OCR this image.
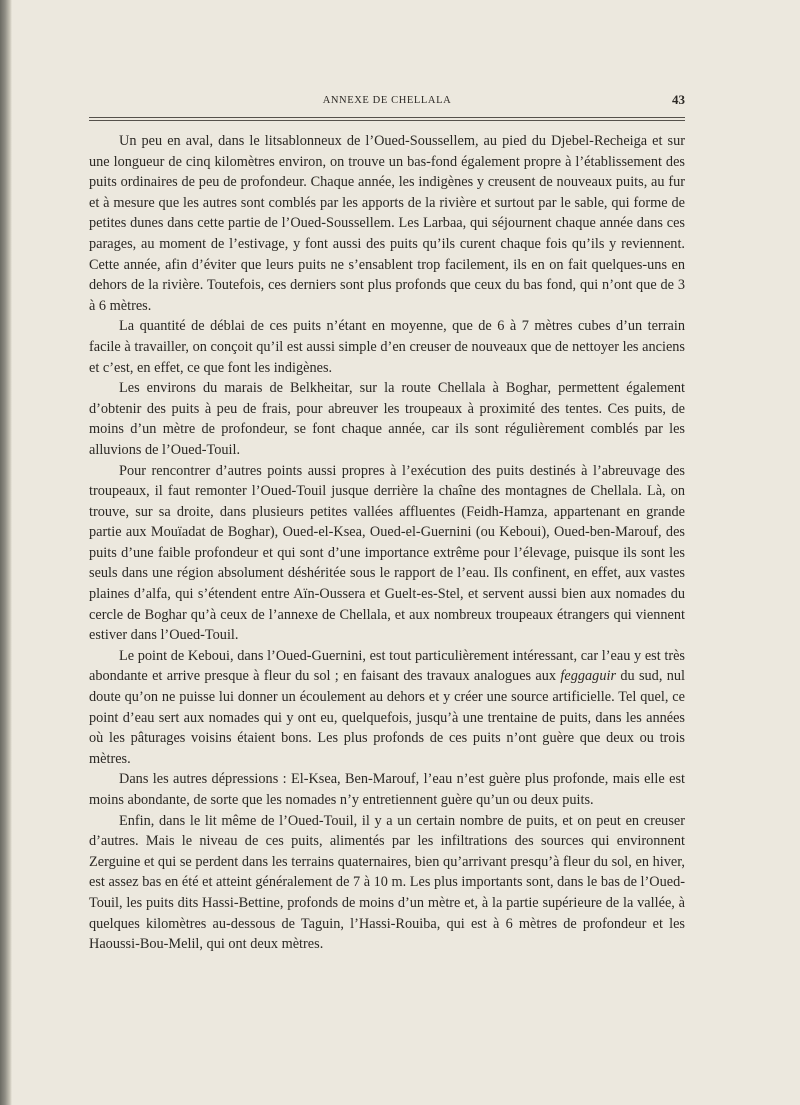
ANNEXE DE CHELLALA	43

Un peu en aval, dans le litsablonneux de l’Oued-Soussellem, au pied du Djebel-Recheiga et sur une longueur de cinq kilomètres environ, on trouve un bas-fond également propre à l’établissement des puits ordinaires de peu de profondeur. Chaque année, les indigènes y creusent de nouveaux puits, au fur et à mesure que les autres sont comblés par les apports de la rivière et surtout par le sable, qui forme de petites dunes dans cette partie de l’Oued-Soussellem. Les Larbaa, qui séjournent chaque année dans ces parages, au moment de l’estivage, y font aussi des puits qu’ils curent chaque fois qu’ils y reviennent. Cette année, afin d’éviter que leurs puits ne s’ensablent trop facilement, ils en on fait quelques-uns en dehors de la rivière. Toutefois, ces derniers sont plus profonds que ceux du bas fond, qui n’ont que de 3 à 6 mètres.

La quantité de déblai de ces puits n’étant en moyenne, que de 6 à 7 mètres cubes d’un terrain facile à travailler, on conçoit qu’il est aussi simple d’en creuser de nouveaux que de nettoyer les anciens et c’est, en effet, ce que font les indigènes.

Les environs du marais de Belkheitar, sur la route Chellala à Boghar, permettent également d’obtenir des puits à peu de frais, pour abreuver les troupeaux à proximité des tentes. Ces puits, de moins d’un mètre de profondeur, se font chaque année, car ils sont régulièrement comblés par les alluvions de l’Oued-Touil.

Pour rencontrer d’autres points aussi propres à l’exécution des puits destinés à l’abreuvage des troupeaux, il faut remonter l’Oued-Touil jusque derrière la chaîne des montagnes de Chellala. Là, on trouve, sur sa droite, dans plusieurs petites vallées affluentes (Feidh-Hamza, appartenant en grande partie aux Mouïadat de Boghar), Oued-el-Ksea, Oued-el-Guernini (ou Keboui), Oued-ben-Marouf, des puits d’une faible profondeur et qui sont d’une importance extrême pour l’élevage, puisque ils sont les seuls dans une région absolument déshéritée sous le rapport de l’eau. Ils confinent, en effet, aux vastes plaines d’alfa, qui s’étendent entre Aïn-Oussera et Guelt-es-Stel, et servent aussi bien aux nomades du cercle de Boghar qu’à ceux de l’annexe de Chellala, et aux nombreux troupeaux étrangers qui viennent estiver dans l’Oued-Touil.

Le point de Keboui, dans l’Oued-Guernini, est tout particulièrement intéressant, car l’eau y est très abondante et arrive presque à fleur du sol ; en faisant des travaux analogues aux feggaguir du sud, nul doute qu’on ne puisse lui donner un écoulement au dehors et y créer une source artificielle. Tel quel, ce point d’eau sert aux nomades qui y ont eu, quelquefois, jusqu’à une trentaine de puits, dans les années où les pâturages voisins étaient bons. Les plus profonds de ces puits n’ont guère que deux ou trois mètres.

Dans les autres dépressions : El-Ksea, Ben-Marouf, l’eau n’est guère plus profonde, mais elle est moins abondante, de sorte que les nomades n’y entretiennent guère qu’un ou deux puits.

Enfin, dans le lit même de l’Oued-Touil, il y a un certain nombre de puits, et on peut en creuser d’autres. Mais le niveau de ces puits, alimentés par les infiltrations des sources qui environnent Zerguine et qui se perdent dans les terrains quaternaires, bien qu’arrivant presqu’à fleur du sol, en hiver, est assez bas en été et atteint généralement de 7 à 10 m. Les plus importants sont, dans le bas de l’Oued-Touil, les puits dits Hassi-Bettine, profonds de moins d’un mètre et, à la partie supérieure de la vallée, à quelques kilomètres au-dessous de Taguin, l’Hassi-Rouiba, qui est à 6 mètres de profondeur et les Haoussi-Bou-Melil, qui ont deux mètres.
